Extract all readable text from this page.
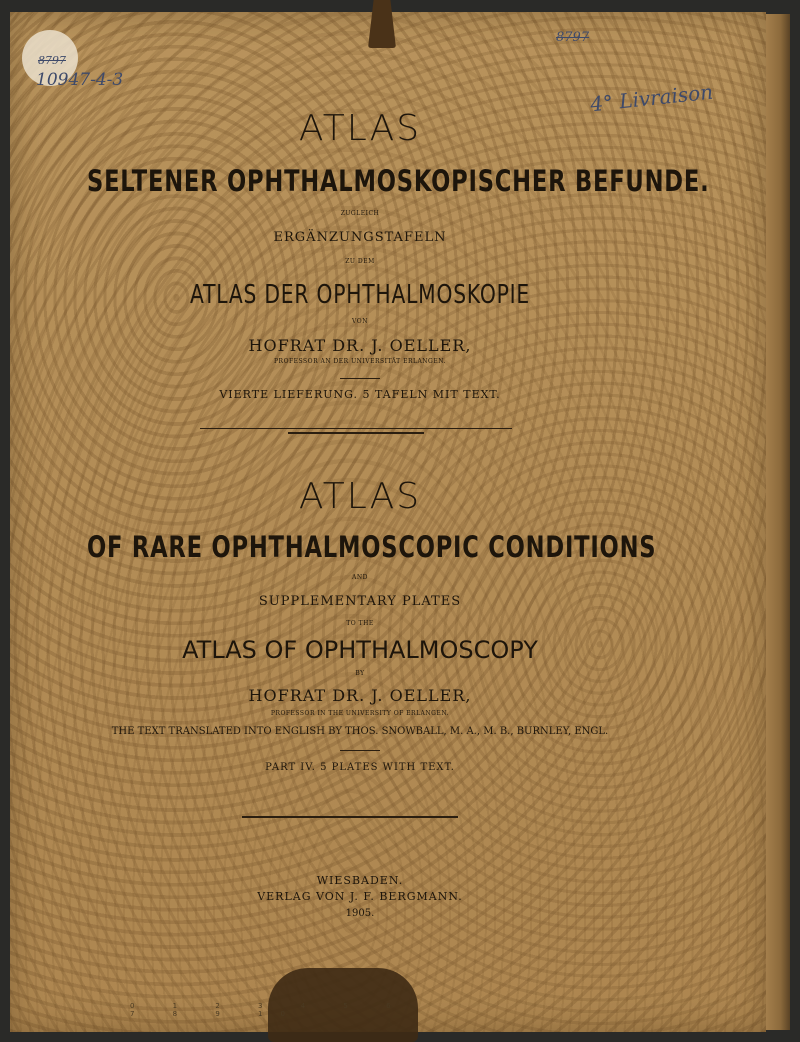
8797
10947-4-3
8797
4° Livraison
ATLAS
SELTENER OPHTHALMOSKOPISCHER BEFUNDE.
ZUGLEICH
ERGÄNZUNGSTAFELN
ZU DEM
ATLAS DER OPHTHALMOSKOPIE
VON
HOFRAT DR. J. OELLER,
PROFESSOR AN DER UNIVERSITÄT ERLANGEN.
VIERTE LIEFERUNG. 5 TAFELN MIT TEXT.
ATLAS
OF RARE OPHTHALMOSCOPIC CONDITIONS
AND
SUPPLEMENTARY PLATES
TO THE
ATLAS OF OPHTHALMOSCOPY
BY
HOFRAT DR. J. OELLER,
PROFESSOR IN THE UNIVERSITY OF ERLANGEN.
THE TEXT TRANSLATED INTO ENGLISH BY THOS. SNOWBALL, M. A., M. B., BURNLEY, ENGL.
PART IV. 5 PLATES WITH TEXT.
WIESBADEN.
VERLAG VON J. F. BERGMANN.
1905.
0 1 2 3 4 5 6 7 8 9 10
